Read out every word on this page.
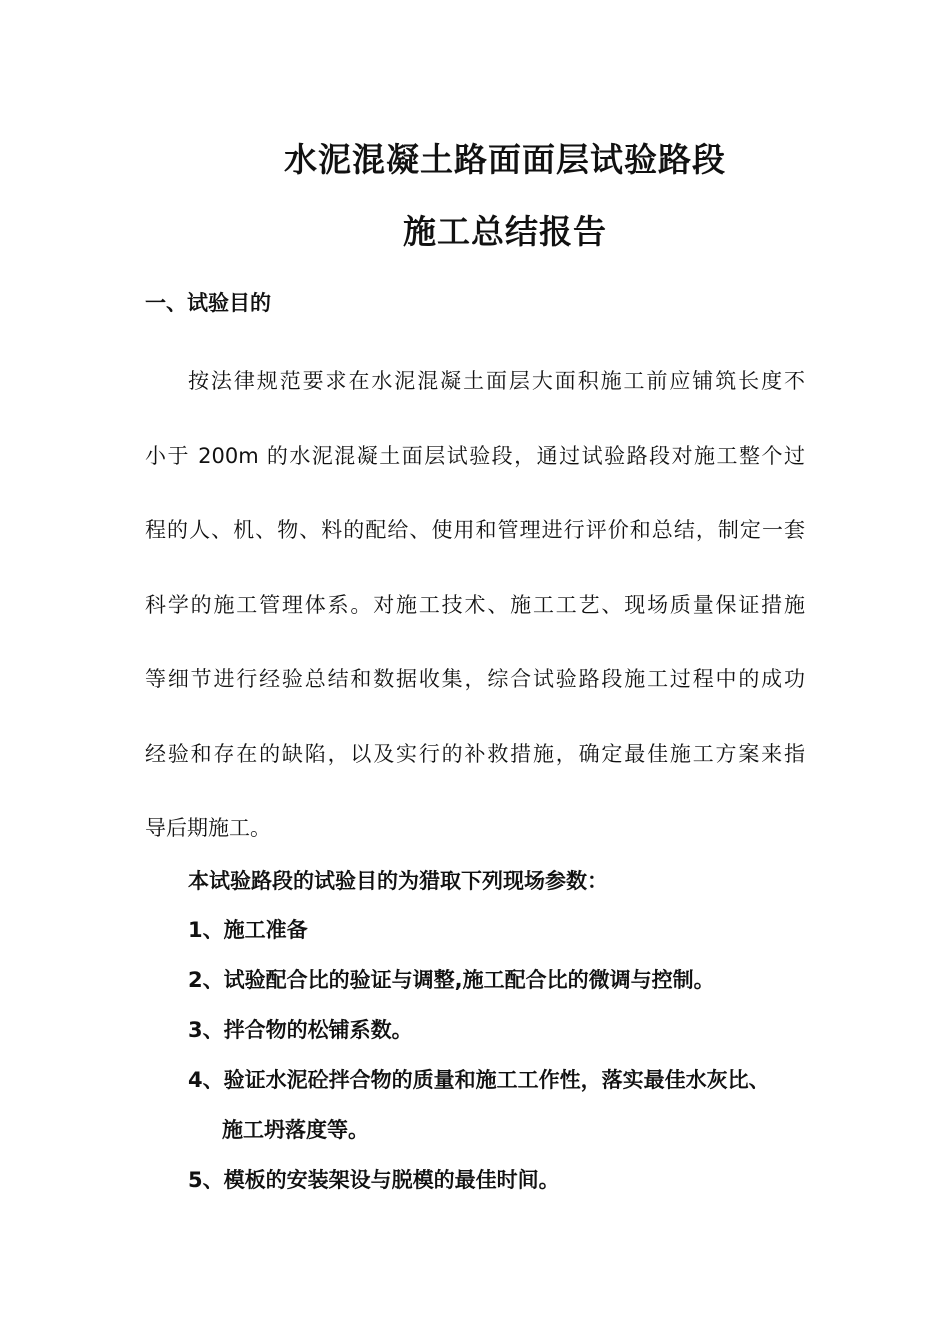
水泥混凝土路面面层试验路段
施工总结报告
一、试验目的
按法律规范要求在水泥混凝土面层大面积施工前应铺筑长度不
小于 200m 的水泥混凝土面层试验段，通过试验路段对施工整个过
程的人、机、物、料的配给、使用和管理进行评价和总结，制定一套
科学的施工管理体系。对施工技术、施工工艺、现场质量保证措施
等细节进行经验总结和数据收集，综合试验路段施工过程中的成功
经验和存在的缺陷，以及实行的补救措施，确定最佳施工方案来指
导后期施工。
本试验路段的试验目的为猎取下列现场参数：
1、施工准备
2、试验配合比的验证与调整,施工配合比的微调与控制。
3、拌合物的松铺系数。
4、验证水泥砼拌合物的质量和施工工作性，落实最佳水灰比、
施工坍落度等。
5、模板的安装架设与脱模的最佳时间。
